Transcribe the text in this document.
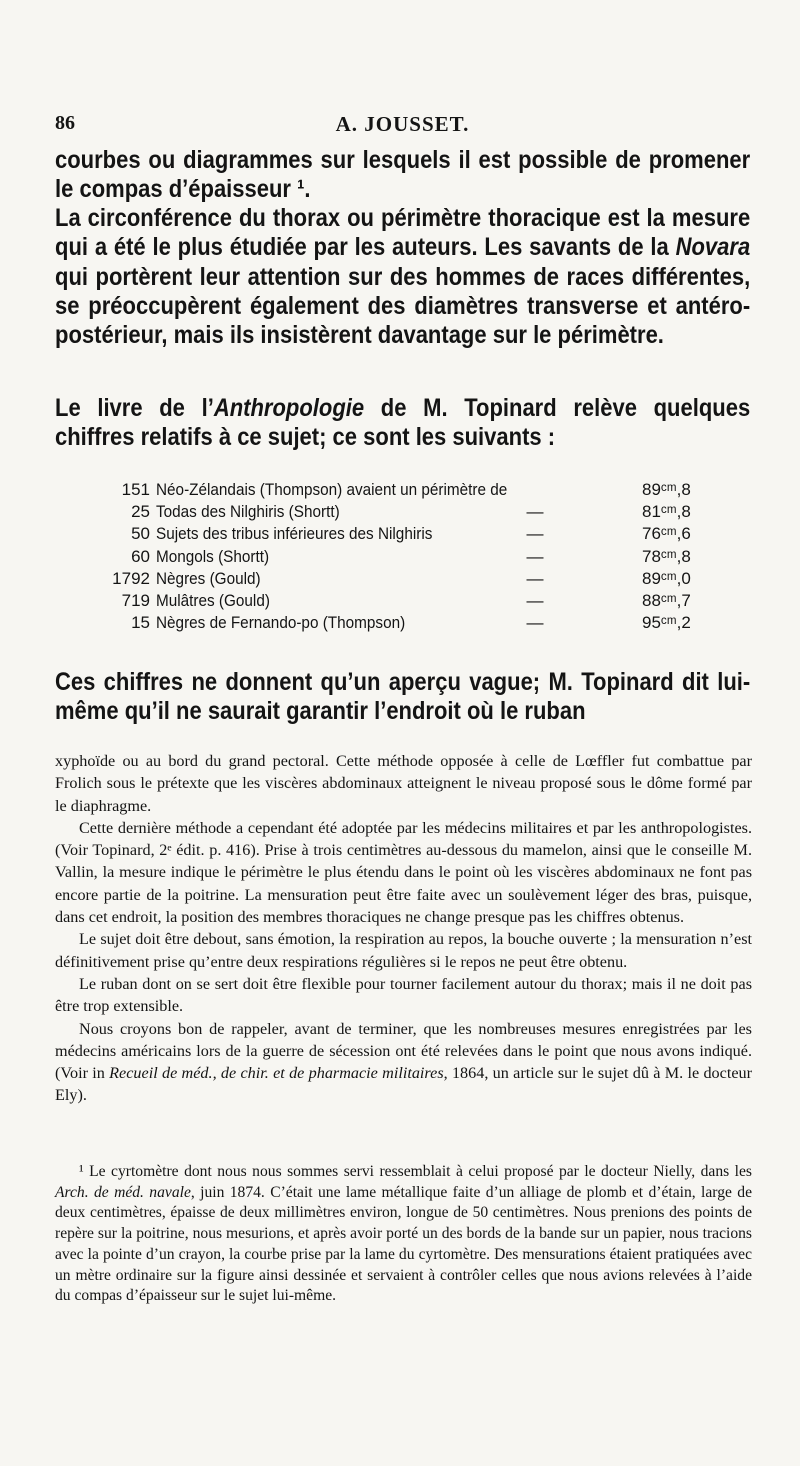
86	A. JOUSSET.

courbes ou diagrammes sur lesquels il est possible de promener le compas d’épaisseur ¹.

La circonférence du thorax ou périmètre thoracique est la mesure qui a été le plus étudiée par les auteurs. Les savants de la Novara qui portèrent leur attention sur des hommes de races différentes, se préoccupèrent également des diamètres transverse et antéro-postérieur, mais ils insistèrent davantage sur le périmètre.

Le livre de l’Anthropologie de M. Topinard relève quelques chiffres relatifs à ce sujet; ce sont les suivants :

151 Néo-Zélandais (Thompson) avaient un périmètre de	89ᶜᵐ,8
25 Todas des Nilghiris (Shortt)	—	81ᶜᵐ,8
50 Sujets des tribus inférieures des Nilghiris	—	76ᶜᵐ,6
60 Mongols (Shortt)	—	78ᶜᵐ,8
1792 Nègres (Gould)	—	89ᶜᵐ,0
719 Mulâtres (Gould)	—	88ᶜᵐ,7
15 Nègres de Fernando-po (Thompson)	—	95ᶜᵐ,2

Ces chiffres ne donnent qu’un aperçu vague; M. Topinard dit lui-même qu’il ne saurait garantir l’endroit où le ruban

xyphoïde ou au bord du grand pectoral. Cette méthode opposée à celle de Lœffler fut combattue par Frolich sous le prétexte que les viscères abdominaux atteignent le niveau proposé sous le dôme formé par le diaphragme.

Cette dernière méthode a cependant été adoptée par les médecins militaires et par les anthropologistes. (Voir Topinard, 2ᵉ édit. p. 416). Prise à trois centimètres au-dessous du mamelon, ainsi que le conseille M. Vallin, la mesure indique le périmètre le plus étendu dans le point où les viscères abdominaux ne font pas encore partie de la poitrine. La mensuration peut être faite avec un soulèvement léger des bras, puisque, dans cet endroit, la position des membres thoraciques ne change presque pas les chiffres obtenus.

Le sujet doit être debout, sans émotion, la respiration au repos, la bouche ouverte ; la mensuration n’est définitivement prise qu’entre deux respirations régulières si le repos ne peut être obtenu.

Le ruban dont on se sert doit être flexible pour tourner facilement autour du thorax; mais il ne doit pas être trop extensible.

Nous croyons bon de rappeler, avant de terminer, que les nombreuses mesures enregistrées par les médecins américains lors de la guerre de sécession ont été relevées dans le point que nous avons indiqué. (Voir in Recueil de méd., de chir. et de pharmacie militaires, 1864, un article sur le sujet dû à M. le docteur Ely).

¹ Le cyrtomètre dont nous nous sommes servi ressemblait à celui proposé par le docteur Nielly, dans les Arch. de méd. navale, juin 1874. C’était une lame métallique faite d’un alliage de plomb et d’étain, large de deux centimètres, épaisse de deux millimètres environ, longue de 50 centimètres. Nous prenions des points de repère sur la poitrine, nous mesurions, et après avoir porté un des bords de la bande sur un papier, nous tracions avec la pointe d’un crayon, la courbe prise par la lame du cyrtomètre. Des mensurations étaient pratiquées avec un mètre ordinaire sur la figure ainsi dessinée et servaient à contrôler celles que nous avions relevées à l’aide du compas d’épaisseur sur le sujet lui-même.
